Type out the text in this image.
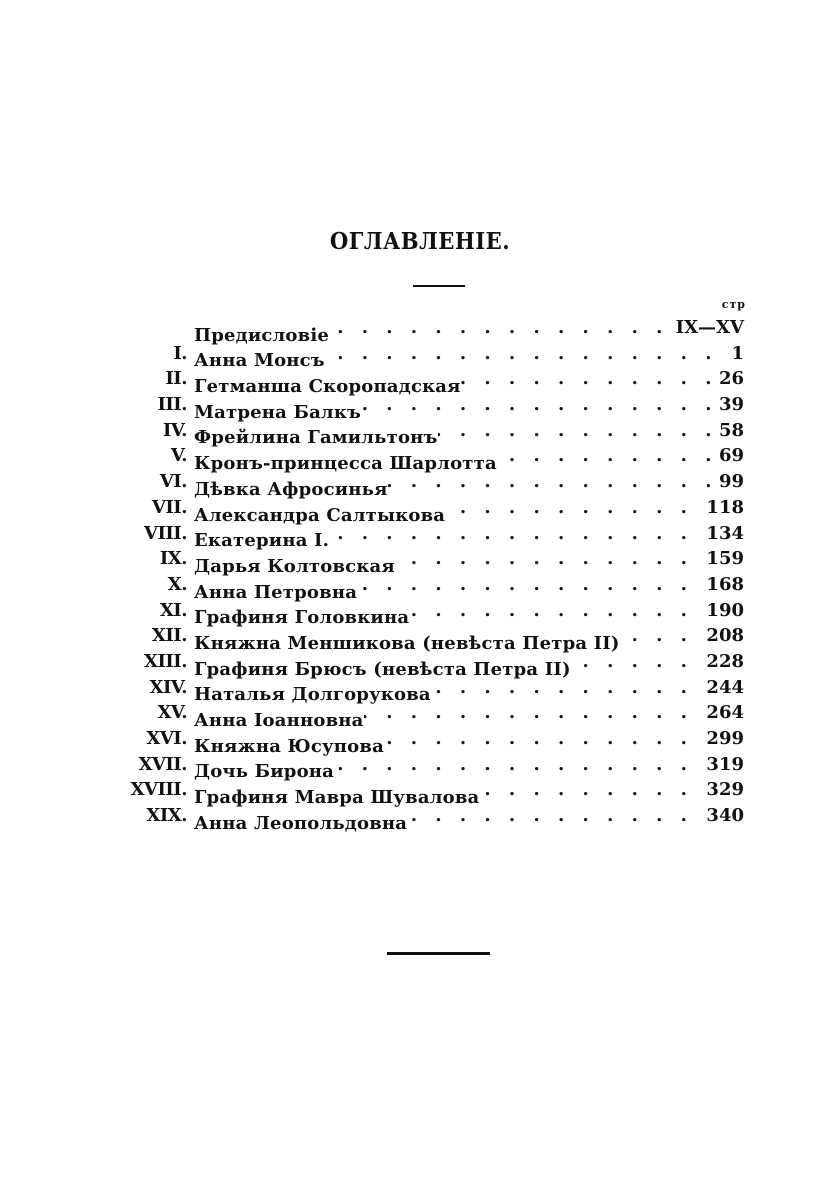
ОГЛАВЛЕНIЕ.
стр
Предисловiе . . .	IX—XV
I. Анна Монсъ . . .	1
II. Гетманша Скоропадская . . .	26
III. Матрена Балкъ . . .	39
IV. Фрейлина Гамильтонъ . . .	58
V. Кронъ-принцесса Шарлотта . . .	69
VI. Дѣвка Афросинья . . .	99
VII. Александра Салтыкова . . .	118
VIII. Екатерина I. . . .	134
IX. Дарья Колтовская . . .	159
X. Анна Петровна . . .	168
XI. Графиня Головкина . . .	190
XII. Княжна Меншикова (невѣста Петра II) . . .	208
XIII. Графиня Брюсъ (невѣста Петра II) . . .	228
XIV. Наталья Долгорукова . . .	244
XV. Анна Iоанновна . . .	264
XVI. Княжна Юсупова . . .	299
XVII. Дочь Бирона . . .	319
XVIII. Графиня Мавра Шувалова . . .	329
XIX. Анна Леопольдовна . . .	340
